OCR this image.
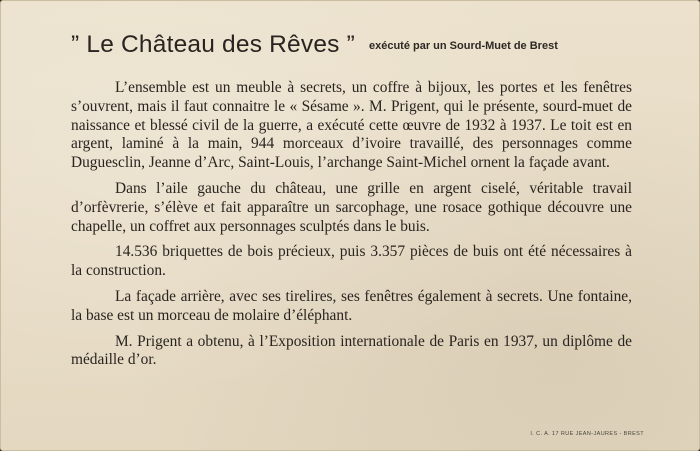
” Le Château des Rêves ” exécuté par un Sourd-Muet de Brest

L’ensemble est un meuble à secrets, un coffre à bijoux, les portes et les fenêtres s’ouvrent, mais il faut connaitre le « Sésame ». M. Prigent, qui le présente, sourd-muet de naissance et blessé civil de la guerre, a exécuté cette œuvre de 1932 à 1937. Le toit est en argent, laminé à la main, 944 morceaux d’ivoire travaillé, des personnages comme Duguesclin, Jeanne d’Arc, Saint-Louis, l’archange Saint-Michel ornent la façade avant.

Dans l’aile gauche du château, une grille en argent ciselé, véritable travail d’orfèvrerie, s’élève et fait apparaître un sarcophage, une rosace gothique découvre une chapelle, un coffret aux personnages sculptés dans le buis.

14.536 briquettes de bois précieux, puis 3.357 pièces de buis ont été nécessaires à la construction.

La façade arrière, avec ses tirelires, ses fenêtres également à secrets. Une fontaine, la base est un morceau de molaire d’éléphant.

M. Prigent a obtenu, à l’Exposition internationale de Paris en 1937, un diplôme de médaille d’or.

I. C. A. 17 RUE JEAN-JAURES - BREST
